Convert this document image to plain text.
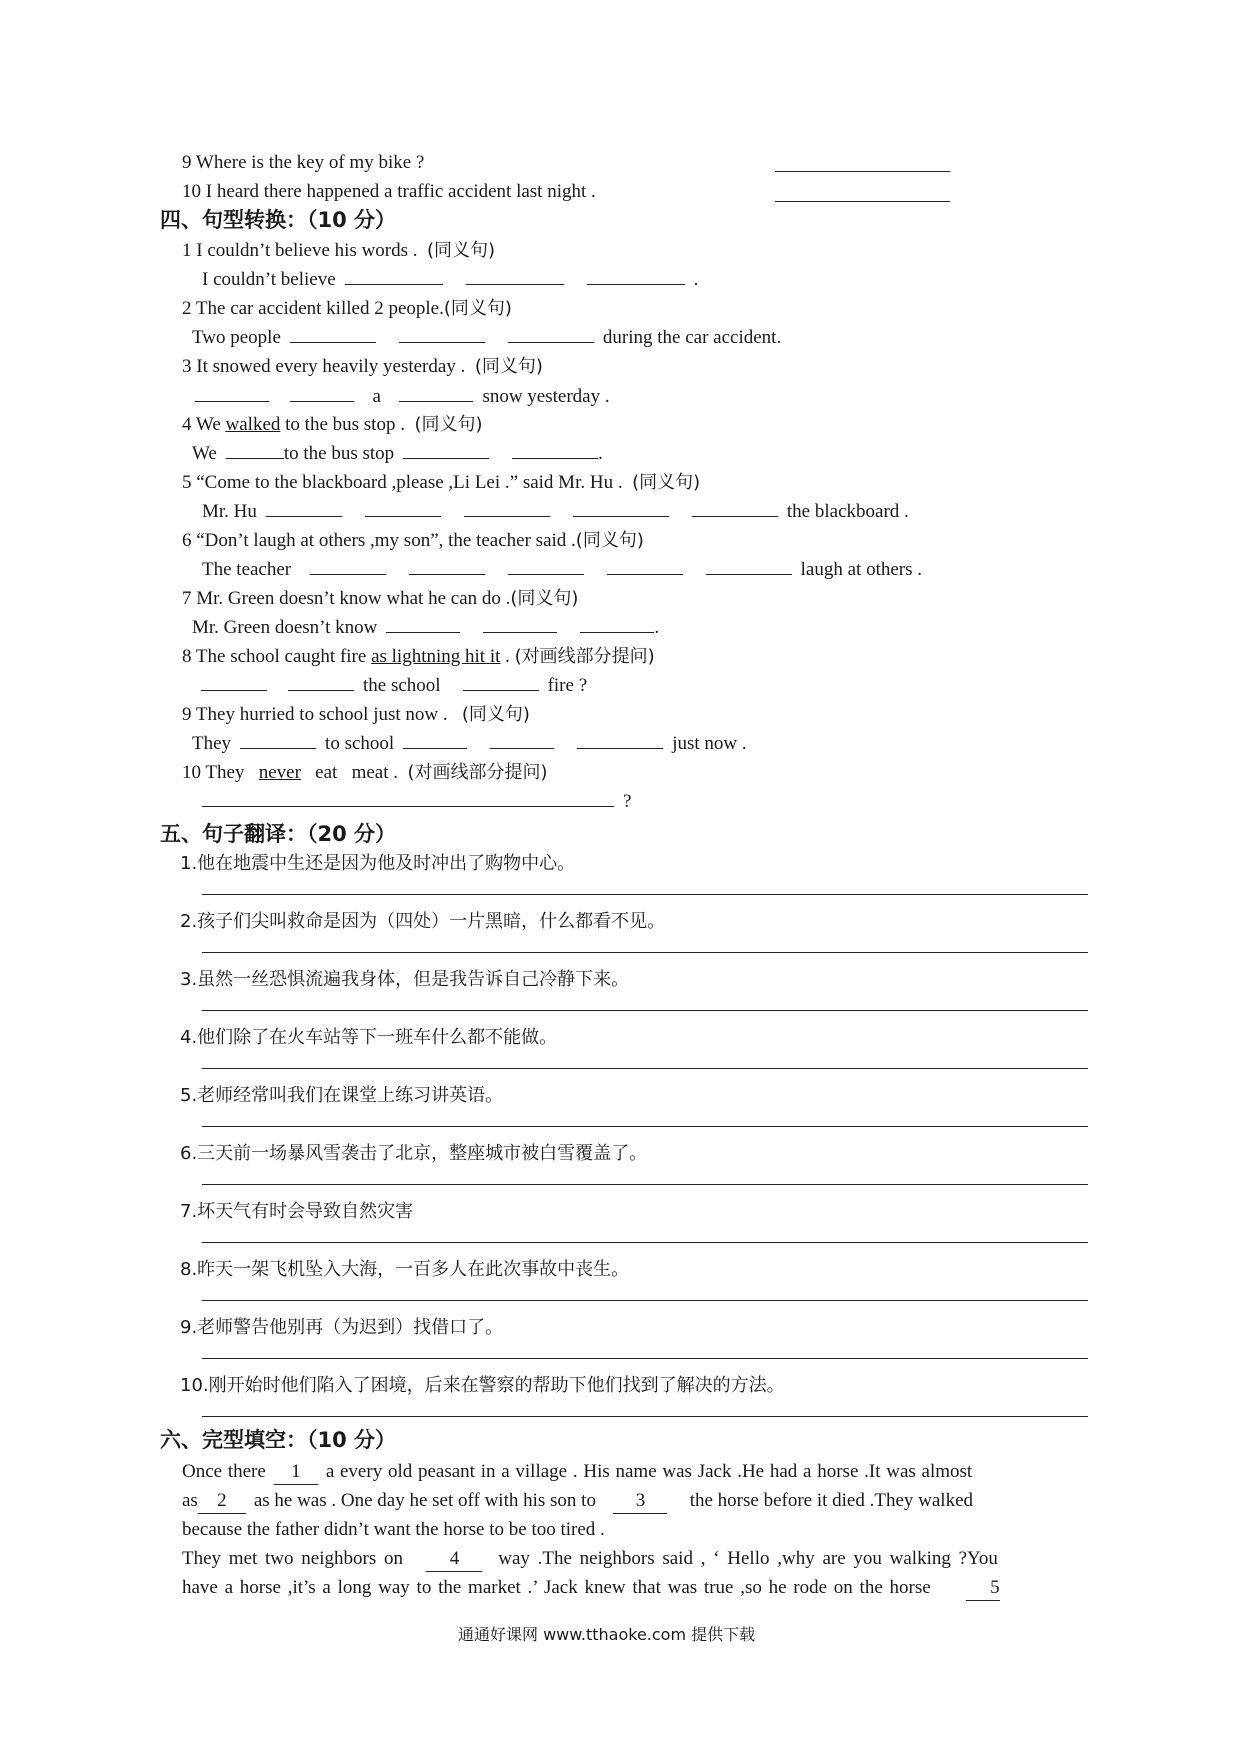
9 Where is the key of my bike ?
10 I heard there happened a traffic accident last night .
四、句型转换：（10 分）
1 I couldn’t believe his words . (同义句)
I couldn’t believe	.
2 The car accident killed 2 people.(同义句)
Two people	during the car accident.
3 It snowed every heavily yesterday . (同义句)
a	snow yesterday .
4 We walked to the bus stop . (同义句)
We	to the bus stop	.
5 “Come to the blackboard ,please ,Li Lei .” said Mr. Hu . (同义句)
Mr. Hu	the blackboard .
6 “Don’t laugh at others ,my son”, the teacher said .(同义句)
The teacher	laugh at others .
7 Mr. Green doesn’t know what he can do .(同义句)
Mr. Green doesn’t know	.
8 The school caught fire as lightning hit it . (对画线部分提问)
the school	fire ?
9 They hurried to school just now . (同义句)
They	to school	just now .
10 They never eat meat . (对画线部分提问)
?
五、句子翻译：（20 分）
1.他在地震中生还是因为他及时冲出了购物中心。
2.孩子们尖叫救命是因为（四处）一片黑暗，什么都看不见。
3.虽然一丝恐惧流遍我身体，但是我告诉自己冷静下来。
4.他们除了在火车站等下一班车什么都不能做。
5.老师经常叫我们在课堂上练习讲英语。
6.三天前一场暴风雪袭击了北京，整座城市被白雪覆盖了。
7.坏天气有时会导致自然灾害
8.昨天一架飞机坠入大海，一百多人在此次事故中丧生。
9.老师警告他别再（为迟到）找借口了。
10.刚开始时他们陷入了困境，后来在警察的帮助下他们找到了解决的方法。
六、完型填空：（10 分）
Once there 1 a every old peasant in a village . His name was Jack .He had a horse .It was almost
as 2 as he was . One day he set off with his son to 3 the horse before it died .They walked
because the father didn’t want the horse to be too tired .
They met two neighbors on 4 way .The neighbors said , ‘ Hello ,why are you walking ?You
have a horse ,it’s a long way to the market .’ Jack knew that was true ,so he rode on the horse	5
通通好课网 www.tthaoke.com 提供下载
